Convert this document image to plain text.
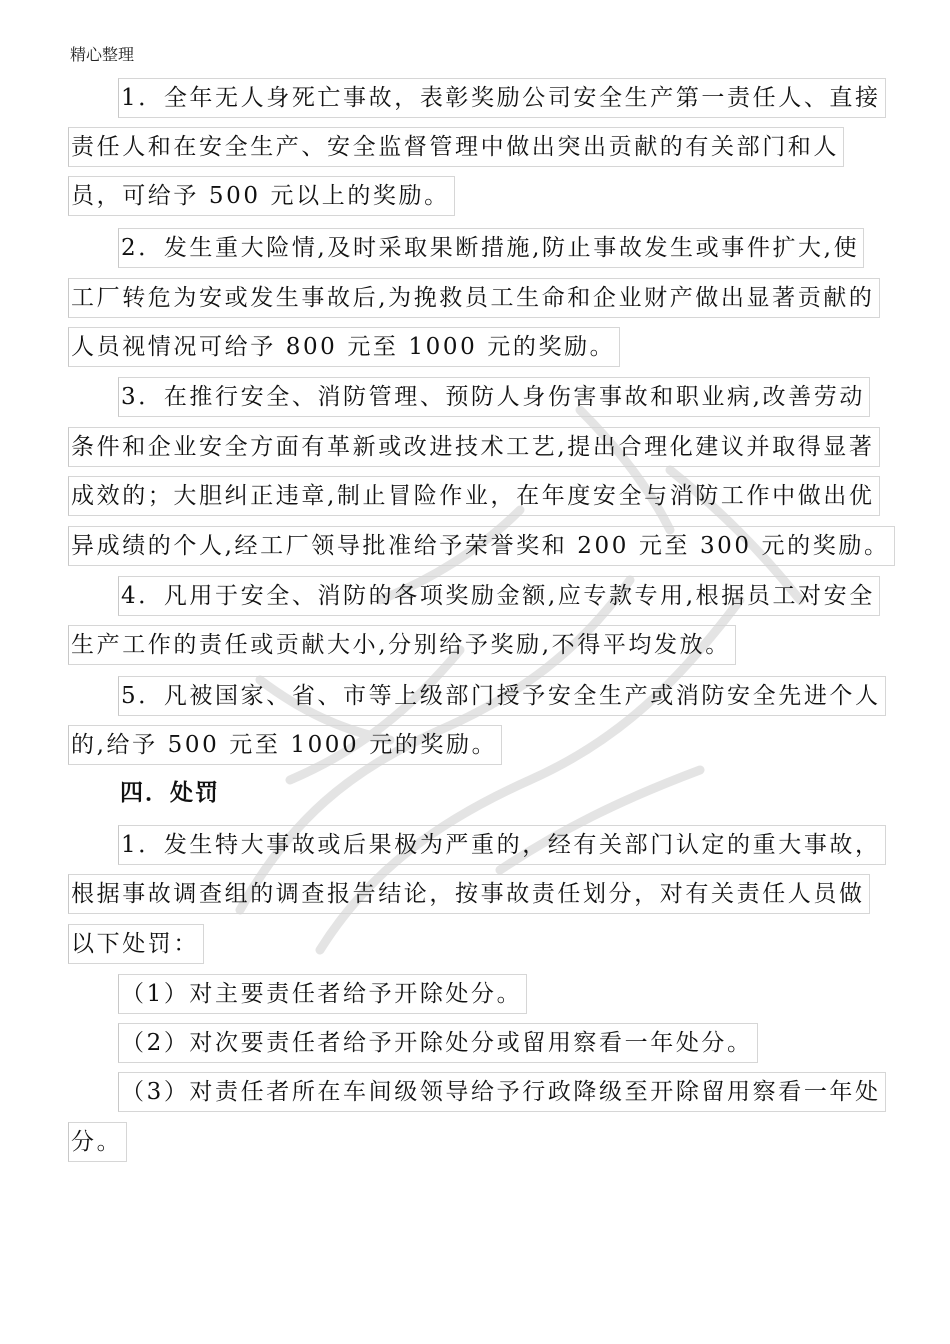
精心整理
1．全年无人身死亡事故，表彰奖励公司安全生产第一责任人、直接
责任人和在安全生产、安全监督管理中做出突出贡献的有关部门和人
员，可给予 500 元以上的奖励。
2．发生重大险情,及时采取果断措施,防止事故发生或事件扩大,使
工厂转危为安或发生事故后,为挽救员工生命和企业财产做出显著贡献的
人员视情况可给予 800 元至 1000 元的奖励。
3．在推行安全、消防管理、预防人身伤害事故和职业病,改善劳动
条件和企业安全方面有革新或改进技术工艺,提出合理化建议并取得显著
成效的；大胆纠正违章,制止冒险作业，在年度安全与消防工作中做出优
异成绩的个人,经工厂领导批准给予荣誉奖和 200 元至 300 元的奖励。
4．凡用于安全、消防的各项奖励金额,应专款专用,根据员工对安全
生产工作的责任或贡献大小,分别给予奖励,不得平均发放。
5．凡被国家、省、市等上级部门授予安全生产或消防安全先进个人
的,给予 500 元至 1000 元的奖励。
四．处罚
1．发生特大事故或后果极为严重的，经有关部门认定的重大事故，
根据事故调查组的调查报告结论，按事故责任划分，对有关责任人员做
以下处罚：
（1）对主要责任者给予开除处分。
（2）对次要责任者给予开除处分或留用察看一年处分。
（3）对责任者所在车间级领导给予行政降级至开除留用察看一年处
分。
